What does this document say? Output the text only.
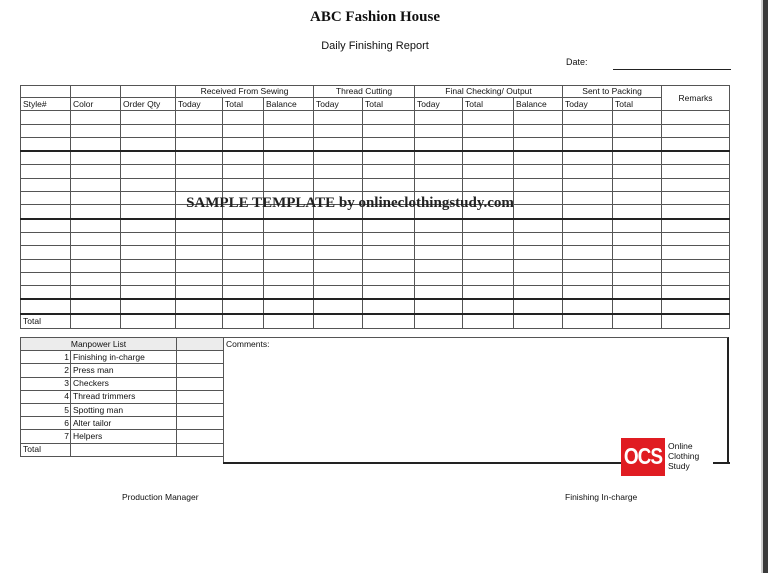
ABC Fashion House
Daily Finishing Report
Date:
			Received From Sewing			Thread Cutting		Final Checking/ Output			Sent to Packing		Remarks
Style#	Color	Order Qty	Today	Total	Balance	Today	Total	Today	Total	Balance	Today	Total	

Total													
SAMPLE TEMPLATE by onlineclothingstudy.com
Manpower List		
1	Finishing in-charge	
2	Press man	
3	Checkers	
4	Thread trimmers	
5	Spotting man	
6	Alter tailor	
7	Helpers	
Total		
Comments:
OCS Online
Clothing
Study
Production Manager	Finishing In-charge
